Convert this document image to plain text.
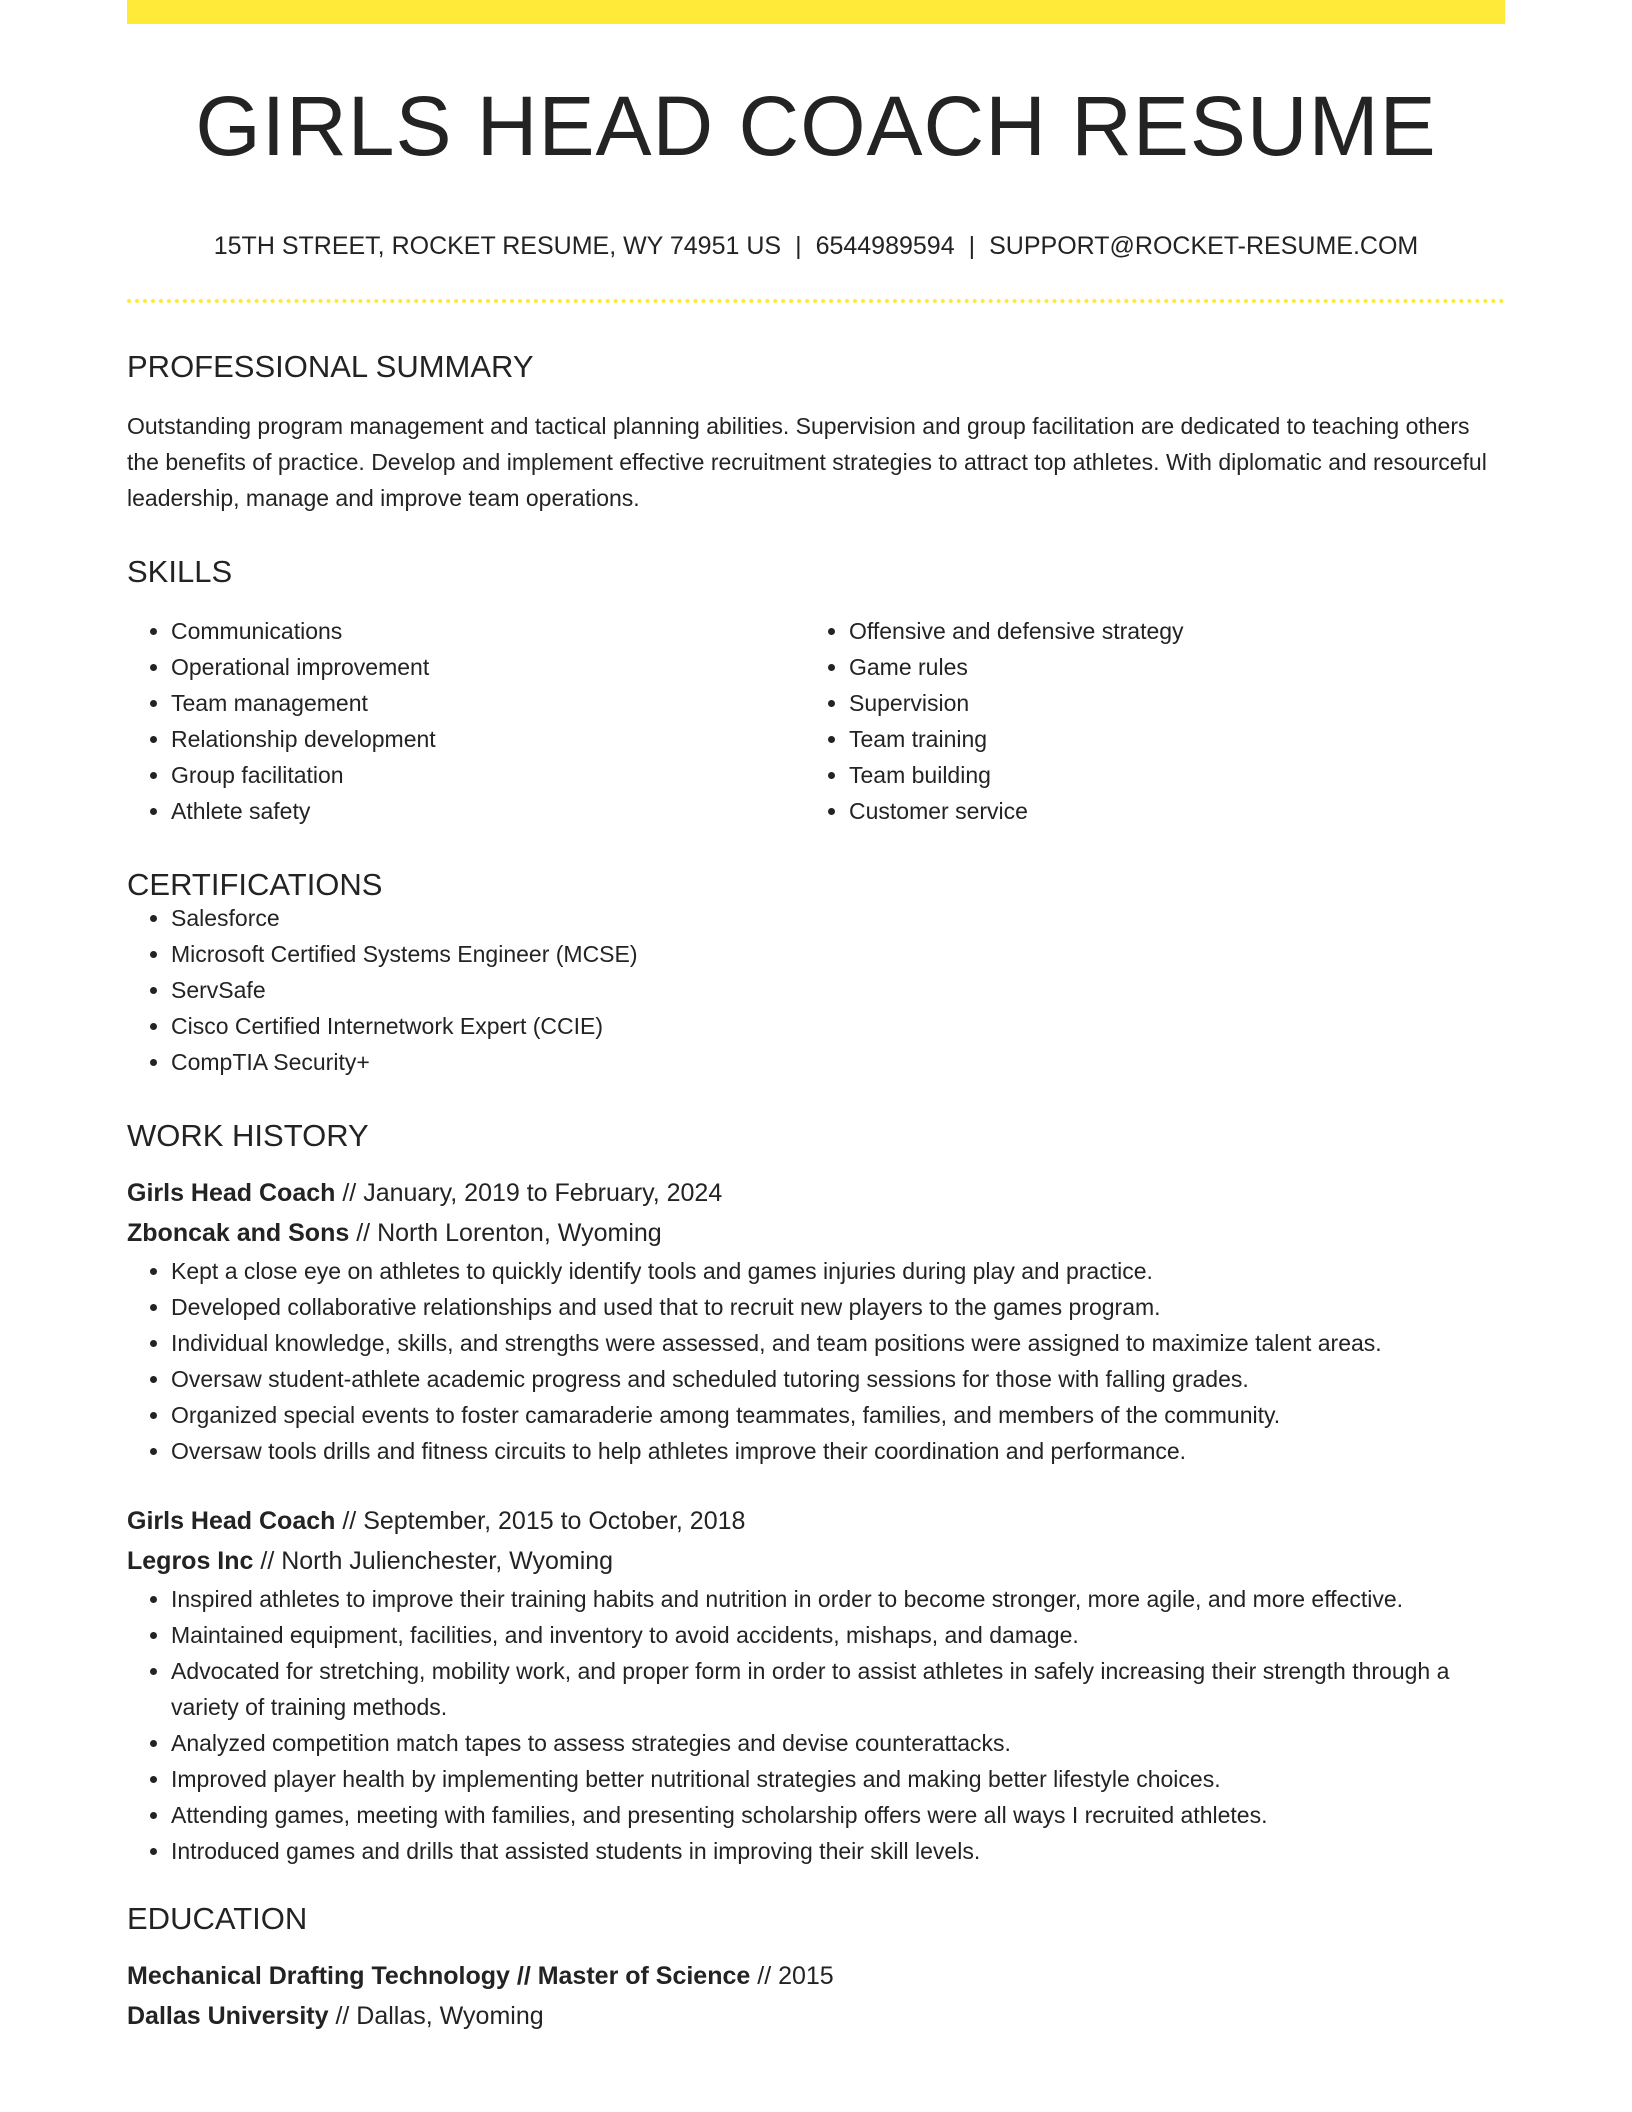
GIRLS HEAD COACH RESUME
15TH STREET, ROCKET RESUME, WY 74951 US | 6544989594 | SUPPORT@ROCKET-RESUME.COM
PROFESSIONAL SUMMARY
Outstanding program management and tactical planning abilities. Supervision and group facilitation are dedicated to teaching others the benefits of practice. Develop and implement effective recruitment strategies to attract top athletes. With diplomatic and resourceful leadership, manage and improve team operations.
SKILLS
• Communications
• Operational improvement
• Team management
• Relationship development
• Group facilitation
• Athlete safety
• Offensive and defensive strategy
• Game rules
• Supervision
• Team training
• Team building
• Customer service
CERTIFICATIONS
• Salesforce
• Microsoft Certified Systems Engineer (MCSE)
• ServSafe
• Cisco Certified Internetwork Expert (CCIE)
• CompTIA Security+
WORK HISTORY
Girls Head Coach // January, 2019 to February, 2024
Zboncak and Sons // North Lorenton, Wyoming
• Kept a close eye on athletes to quickly identify tools and games injuries during play and practice.
• Developed collaborative relationships and used that to recruit new players to the games program.
• Individual knowledge, skills, and strengths were assessed, and team positions were assigned to maximize talent areas.
• Oversaw student-athlete academic progress and scheduled tutoring sessions for those with falling grades.
• Organized special events to foster camaraderie among teammates, families, and members of the community.
• Oversaw tools drills and fitness circuits to help athletes improve their coordination and performance.
Girls Head Coach // September, 2015 to October, 2018
Legros Inc // North Julienchester, Wyoming
• Inspired athletes to improve their training habits and nutrition in order to become stronger, more agile, and more effective.
• Maintained equipment, facilities, and inventory to avoid accidents, mishaps, and damage.
• Advocated for stretching, mobility work, and proper form in order to assist athletes in safely increasing their strength through a variety of training methods.
• Analyzed competition match tapes to assess strategies and devise counterattacks.
• Improved player health by implementing better nutritional strategies and making better lifestyle choices.
• Attending games, meeting with families, and presenting scholarship offers were all ways I recruited athletes.
• Introduced games and drills that assisted students in improving their skill levels.
EDUCATION
Mechanical Drafting Technology // Master of Science // 2015
Dallas University // Dallas, Wyoming
